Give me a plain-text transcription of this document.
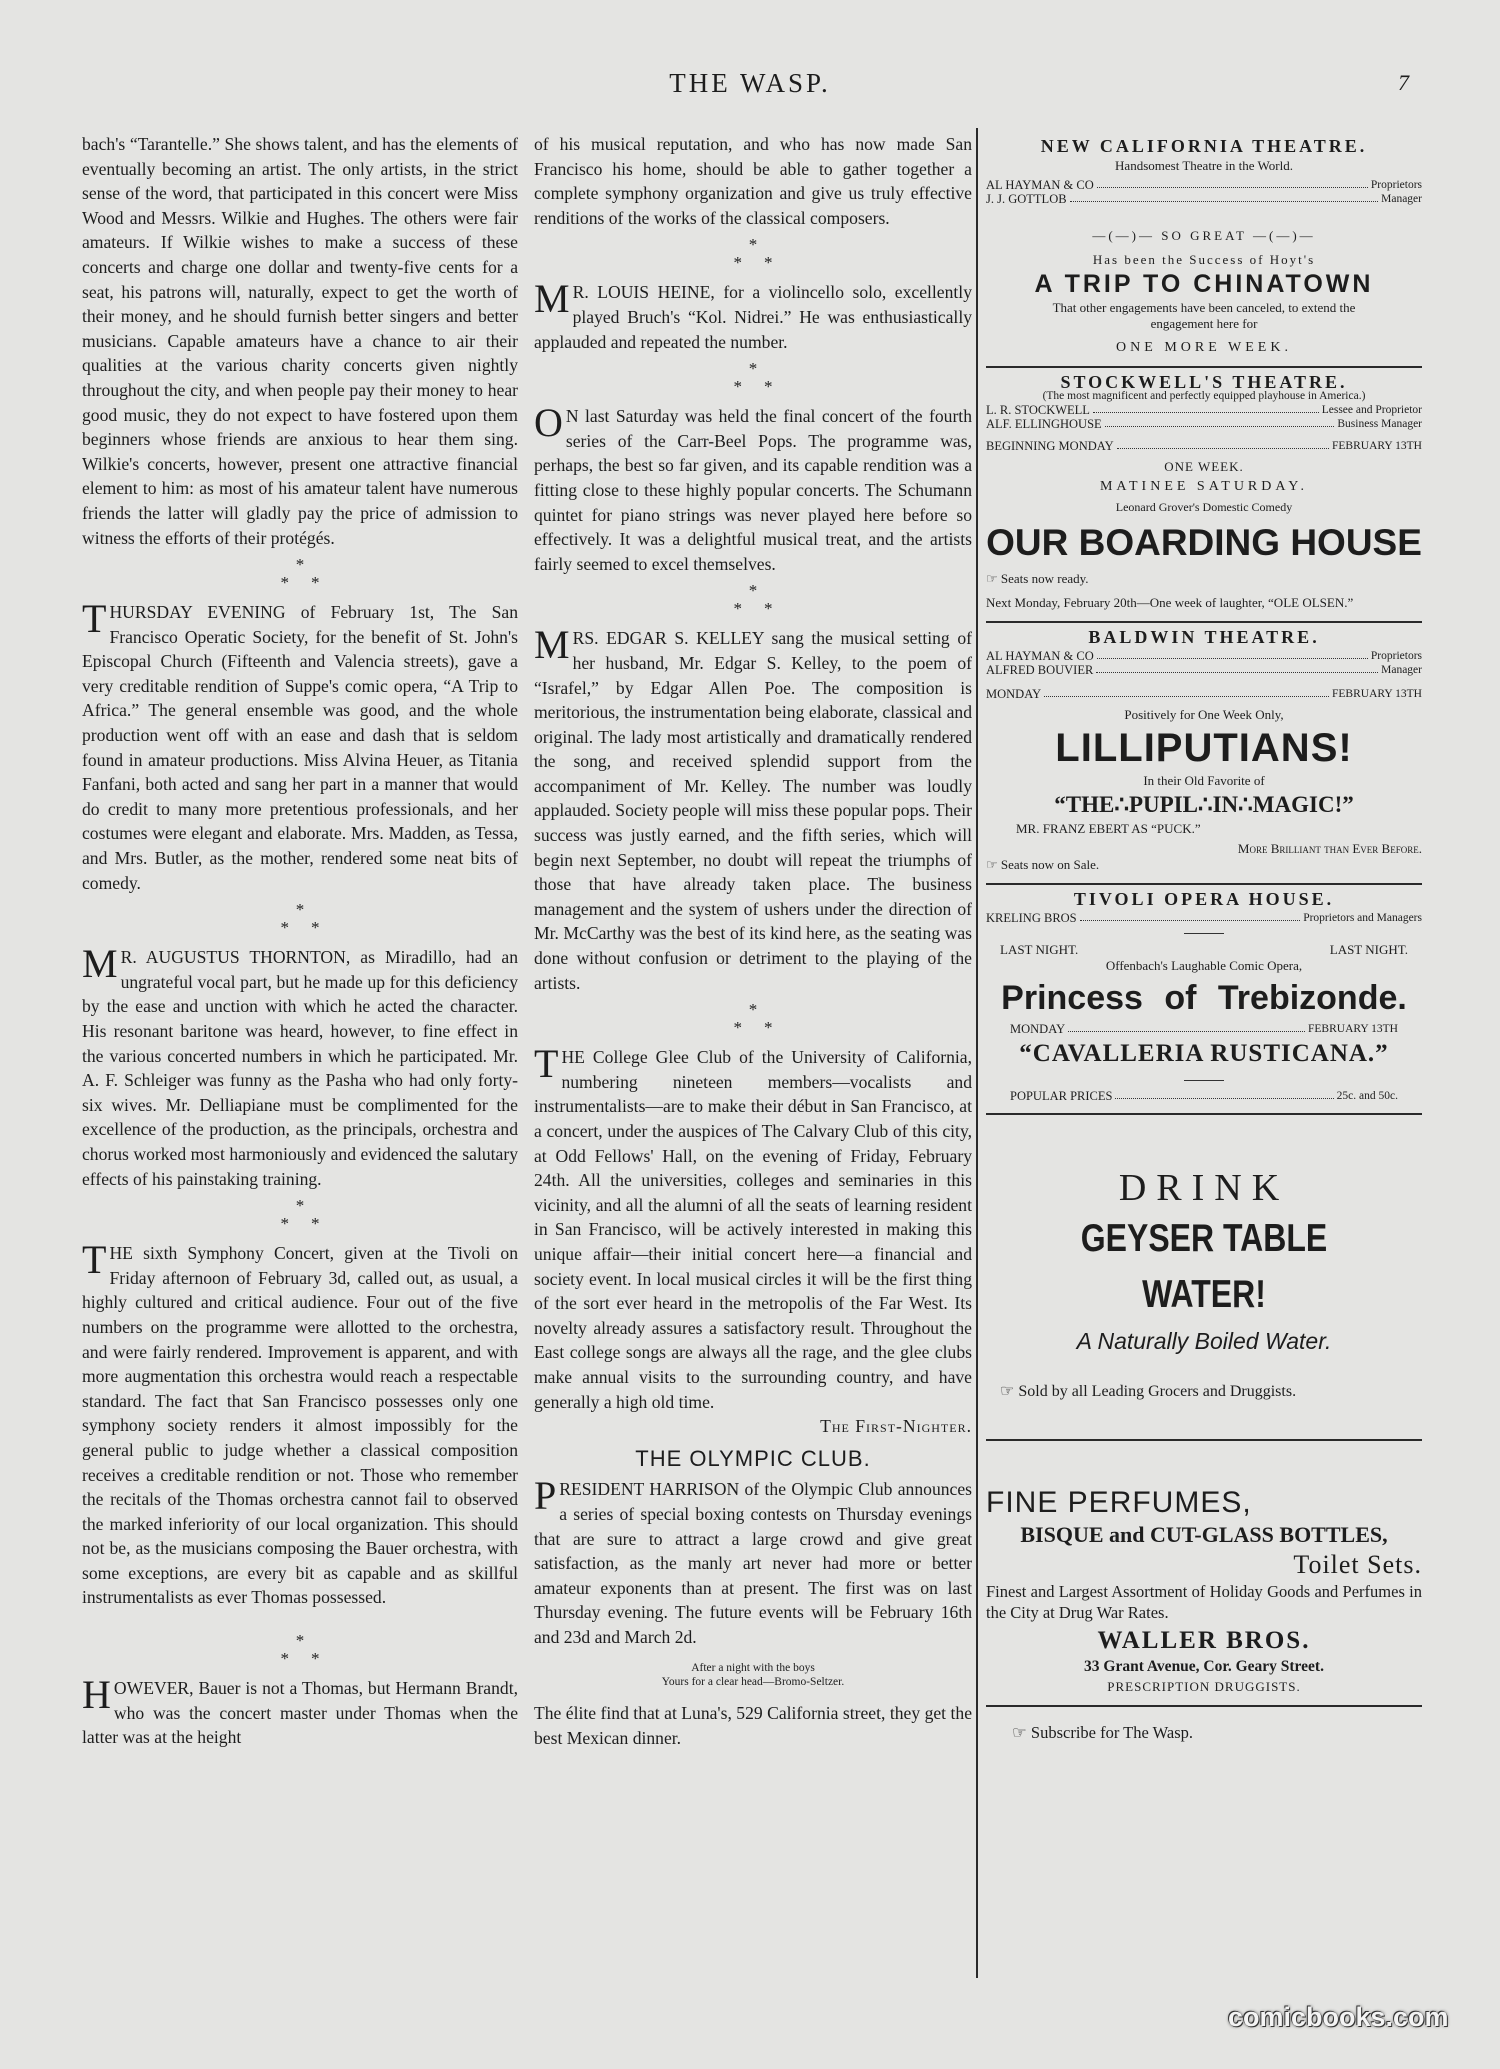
THE WASP.	7

bach's “Tarantelle.” She shows talent, and has the elements of eventually becoming an artist. The only artists, in the strict sense of the word, that participated in this concert were Miss Wood and Messrs. Wilkie and Hughes. The others were fair amateurs. If Wilkie wishes to make a success of these concerts and charge one dollar and twenty-five cents for a seat, his patrons will, naturally, expect to get the worth of their money, and he should furnish better singers and better musicians. Capable amateurs have a chance to air their qualities at the various charity concerts given nightly throughout the city, and when people pay their money to hear good music, they do not expect to have fostered upon them beginners whose friends are anxious to hear them sing. Wilkie's concerts, however, present one attractive financial element to him: as most of his amateur talent have numerous friends the latter will gladly pay the price of admission to witness the efforts of their protégés.

*
**

THURSDAY EVENING of February 1st, The San Francisco Operatic Society, for the benefit of St. John's Episcopal Church (Fifteenth and Valencia streets), gave a very creditable rendition of Suppe's comic opera, “A Trip to Africa.” The general ensemble was good, and the whole production went off with an ease and dash that is seldom found in amateur productions. Miss Alvina Heuer, as Titania Fanfani, both acted and sang her part in a manner that would do credit to many more pretentious professionals, and her costumes were elegant and elaborate. Mrs. Madden, as Tessa, and Mrs. Butler, as the mother, rendered some neat bits of comedy.

*
**

M R. AUGUSTUS THORNTON, as Miradillo, had an ungrateful vocal part, but he made up for this deficiency by the ease and unction with which he acted the character. His resonant baritone was heard, however, to fine effect in the various concerted numbers in which he participated. Mr. A. F. Schleiger was funny as the Pasha who had only forty-six wives. Mr. Delliapiane must be complimented for the excellence of the production, as the principals, orchestra and chorus worked most harmoniously and evidenced the salutary effects of his painstaking training.

*
**

THE sixth Symphony Concert, given at the Tivoli on Friday afternoon of February 3d, called out, as usual, a highly cultured and critical audience. Four out of the five numbers on the programme were allotted to the orchestra, and were fairly rendered. Improvement is apparent, and with more augmentation this orchestra would reach a respectable standard. The fact that San Francisco possesses only one symphony society renders it almost impossibly for the general public to judge whether a classical composition receives a creditable rendition or not. Those who remember the recitals of the Thomas orchestra cannot fail to observed the marked inferiority of our local organization. This should not be, as the musicians composing the Bauer orchestra, with some exceptions, are every bit as capable and as skillful instrumentalists as ever Thomas possessed.

*
**

HOWEVER, Bauer is not a Thomas, but Hermann Brandt, who was the concert master under Thomas when the latter was at the height

of his musical reputation, and who has now made San Francisco his home, should be able to gather together a complete symphony organization and give us truly effective renditions of the works of the classical composers.

*
**

M R. LOUIS HEINE, for a violincello solo, excellently played Bruch's “Kol. Nidrei.” He was enthusiastically applauded and repeated the number.

*
**

O N last Saturday was held the final concert of the fourth series of the Carr-Beel Pops. The programme was, perhaps, the best so far given, and its capable rendition was a fitting close to these highly popular concerts. The Schumann quintet for piano strings was never played here before so effectively. It was a delightful musical treat, and the artists fairly seemed to excel themselves.

*
**

MRS. EDGAR S. KELLEY sang the musical setting of her husband, Mr. Edgar S. Kelley, to the poem of “Israfel,” by Edgar Allen Poe. The composition is meritorious, the instrumentation being elaborate, classical and original. The lady most artistically and dramatically rendered the song, and received splendid support from the accompaniment of Mr. Kelley. The number was loudly applauded. Society people will miss these popular pops. Their success was justly earned, and the fifth series, which will begin next September, no doubt will repeat the triumphs of those that have already taken place. The business management and the system of ushers under the direction of Mr. McCarthy was the best of its kind here, as the seating was done without confusion or detriment to the playing of the artists.

*
**

THE College Glee Club of the University of California, numbering nineteen members—vocalists and instrumentalists—are to make their début in San Francisco, at a concert, under the auspices of The Calvary Club of this city, at Odd Fellows' Hall, on the evening of Friday, February 24th. All the universities, colleges and seminaries in this vicinity, and all the alumni of all the seats of learning resident in San Francisco, will be actively interested in making this unique affair—their initial concert here—a financial and society event. In local musical circles it will be the first thing of the sort ever heard in the metropolis of the Far West. Its novelty already assures a satisfactory result. Throughout the East college songs are always all the rage, and the glee clubs make annual visits to the surrounding country, and have generally a high old time.

The First-Nighter.

THE OLYMPIC CLUB.

PRESIDENT HARRISON of the Olympic Club announces a series of special boxing contests on Thursday evenings that are sure to attract a large crowd and give great satisfaction, as the manly art never had more or better amateur exponents than at present. The first was on last Thursday evening. The future events will be February 16th and 23d and March 2d.

After a night with the boys
Yours for a clear head—Bromo-Seltzer.

The élite find that at Luna's, 529 California street, they get the best Mexican dinner.

NEW CALIFORNIA THEATRE.
Handsomest Theatre in the World.
AL HAYMAN & CO	Proprietors
J. J. GOTTLOB	Manager
—(—)— SO GREAT —(—)—
Has been the Success of Hoyt's
A TRIP TO CHINATOWN
That other engagements have been canceled, to extend the engagement here for
ONE MORE WEEK.
STOCKWELL'S THEATRE.
(The most magnificent and perfectly equipped playhouse in America.)
L. R. STOCKWELL	Lessee and Proprietor
ALF. ELLINGHOUSE	Business Manager
BEGINNING MONDAY	FEBRUARY 13TH
ONE WEEK.
MATINEE SATURDAY.
Leonard Grover's Domestic Comedy
OUR BOARDING HOUSE
☞ Seats now ready.
Next Monday, February 20th—One week of laughter, “OLE OLSEN.”
BALDWIN THEATRE.
AL HAYMAN & CO	Proprietors
ALFRED BOUVIER	Manager
MONDAY	FEBRUARY 13TH
Positively for One Week Only,
LILLIPUTIANS!
In their Old Favorite of
“THE∴PUPIL∴IN∴MAGIC!”
MR. FRANZ EBERT AS “PUCK.”
More Brilliant than Ever Before.
☞ Seats now on Sale.
TIVOLI OPERA HOUSE.
KRELING BROS	Proprietors and Managers
LAST NIGHT.	LAST NIGHT.
Offenbach's Laughable Comic Opera,
Princess of Trebizonde.
MONDAY	FEBRUARY 13TH
“CAVALLERIA RUSTICANA.”
POPULAR PRICES	25c. and 50c.
DRINK
GEYSER TABLE WATER!
A Naturally Boiled Water.
☞ Sold by all Leading Grocers and Druggists.
FINE PERFUMES,
BISQUE and CUT-GLASS BOTTLES,
Toilet Sets.
Finest and Largest Assortment of Holiday Goods and Perfumes in the City at Drug War Rates.
WALLER BROS.
33 Grant Avenue, Cor. Geary Street.
PRESCRIPTION DRUGGISTS.
☞ Subscribe for The Wasp.
comicbooks.com
